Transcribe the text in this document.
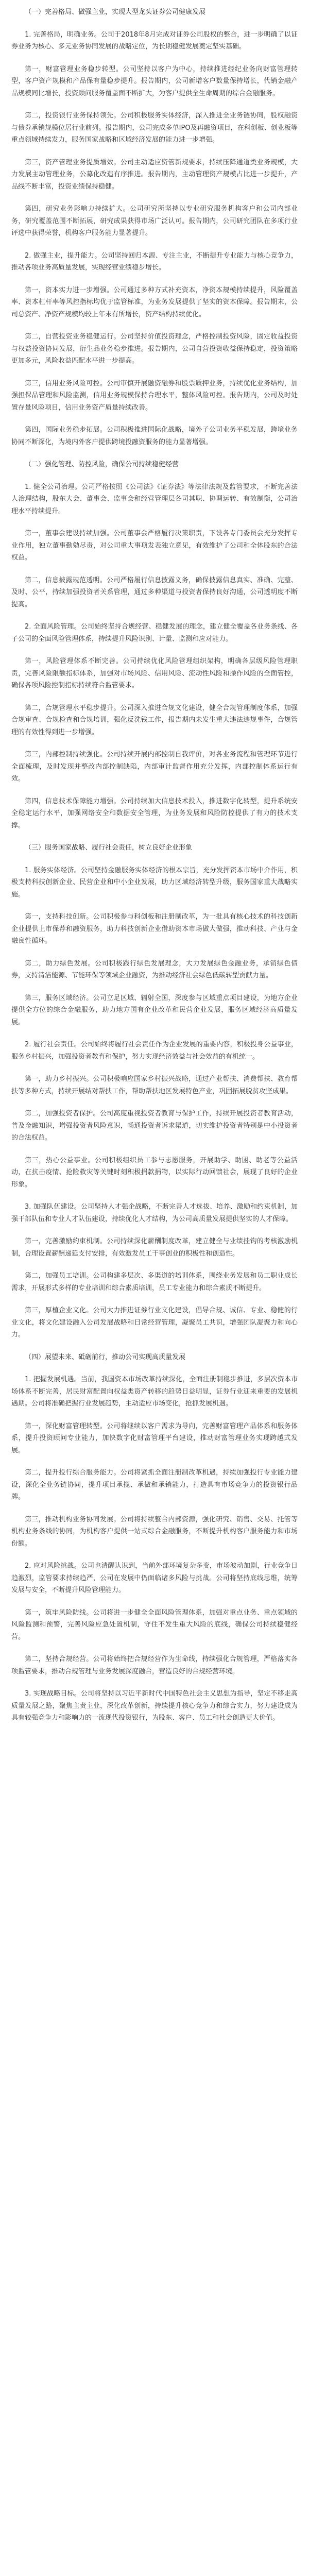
（一）完善格局、做强主业，实现大型龙头证券公司健康发展

1. 完善格局，明确业务。公司于2018年8月完成对证券公司股权的整合，进一步明确了以证券业务为核心、多元业务协同发展的战略定位，为长期稳健发展奠定坚实基础。

第一，财富管理业务稳步转型。公司坚持以客户为中心，持续推进经纪业务向财富管理转型，客户资产规模和产品保有量稳步提升。报告期内，公司新增客户数量保持增长，代销金融产品规模同比增长，投资顾问服务覆盖面不断扩大，为客户提供全生命周期的综合金融服务。

第二，投资银行业务保持领先。公司积极服务实体经济，深入推进全业务链协同，股权融资与债券承销规模位居行业前列。报告期内，公司完成多单IPO及再融资项目，在科创板、创业板等重点领域持续发力，服务国家战略和区域经济发展的能力进一步增强。

第三，资产管理业务提质增效。公司主动适应资管新规要求，持续压降通道类业务规模，大力发展主动管理业务，公募化改造有序推进。报告期内，主动管理资产规模占比进一步提升，产品线不断丰富，投资业绩保持稳健。

第四，研究业务影响力持续扩大。公司研究所坚持以专业研究服务机构客户和公司内部业务，研究覆盖范围不断拓展，研究成果获得市场广泛认可。报告期内，公司研究团队在多项行业评选中获得荣誉，机构客户服务能力显著提升。

2. 做强主业，提升能力。公司坚持回归本源、专注主业，不断提升专业能力与核心竞争力，推动各项业务高质量发展，实现经营业绩稳步增长。

第一，资本实力进一步增强。公司通过多种方式补充资本，净资本规模持续提升，风险覆盖率、资本杠杆率等风控指标均优于监管标准，为业务发展提供了坚实的资本保障。报告期末，公司总资产、净资产规模均较上年末有所增长，资产结构持续优化。

第二，自营投资业务稳健运行。公司坚持价值投资理念，严格控制投资风险，固定收益投资与权益投资协同发展，衍生品业务稳步推进。报告期内，公司自营投资收益保持稳定，投资策略更加多元，风险收益匹配水平进一步提高。

第三，信用业务风险可控。公司审慎开展融资融券和股票质押业务，持续优化业务结构，加强担保品管理和风险监测，信用业务规模保持合理水平，整体风险可控。报告期内，公司及时处置存量风险项目，信用业务资产质量持续改善。

第四，国际业务稳步拓展。公司积极推进国际化战略，境外子公司业务平稳发展，跨境业务协同不断深化，为境内外客户提供跨境投融资服务的能力显著增强。

（二）强化管理、防控风险，确保公司持续稳健经营

1. 健全公司治理。公司严格按照《公司法》《证券法》等法律法规及监管要求，不断完善法人治理结构，股东大会、董事会、监事会和经营管理层各司其职、协调运转、有效制衡，公司治理水平持续提升。

第一，董事会建设持续加强。公司董事会严格履行决策职责，下设各专门委员会充分发挥专业作用，独立董事勤勉尽责，对公司重大事项发表独立意见，有效维护了公司和全体股东的合法权益。

第二，信息披露规范透明。公司严格履行信息披露义务，确保披露信息真实、准确、完整、及时、公平，持续加强投资者关系管理，通过多种渠道与投资者保持良好沟通，公司透明度不断提高。

2. 全面风险管理。公司始终坚持合规经营、稳健发展的理念，建立健全覆盖各业务条线、各子公司的全面风险管理体系，持续提升风险识别、计量、监测和应对能力。

第一，风险管理体系不断完善。公司持续优化风险管理组织架构，明确各层级风险管理职责，完善风险限额指标体系，加强对市场风险、信用风险、流动性风险和操作风险的全面管控，确保各项风险控制指标持续符合监管要求。

第二，合规管理水平稳步提升。公司深入推进合规文化建设，健全合规管理制度体系，加强合规审查、合规检查和合规培训，强化反洗钱工作，报告期内未发生重大违法违规事件，合规管理的有效性得到进一步增强。

第三，内部控制持续强化。公司持续开展内部控制自我评价，对各业务流程和管理环节进行全面梳理，及时发现并整改内部控制缺陷，内部审计监督作用充分发挥，内部控制体系运行有效。

第四，信息技术保障能力增强。公司持续加大信息技术投入，推进数字化转型，提升系统安全稳定运行水平，加强网络安全和数据安全管理，为业务发展和风险防控提供了有力的技术支撑。

（三）服务国家战略、履行社会责任，树立良好企业形象

1. 服务实体经济。公司坚持金融服务实体经济的根本宗旨，充分发挥资本市场中介作用，积极支持科技创新企业、民营企业和中小企业发展，助力区域经济转型升级，服务国家重大战略实施。

第一，支持科技创新。公司积极参与科创板和注册制改革，为一批具有核心技术的科技创新企业提供上市保荐和融资服务，助力科技创新企业借助资本市场做大做强，推动科技、产业与金融良性循环。

第二，助力绿色发展。公司积极践行绿色发展理念，大力发展绿色金融业务，承销绿色债券，支持清洁能源、节能环保等领域企业融资，为推动经济社会绿色低碳转型贡献力量。

第三，服务区域经济。公司立足区域、辐射全国，深度参与区域重点项目建设，为地方企业提供全方位的综合金融服务，助力地方国有企业改革和民营企业发展，服务区域经济高质量发展。

2. 履行社会责任。公司始终将履行社会责任作为企业发展的重要内容，积极投身公益事业，服务乡村振兴，加强投资者教育和保护，努力实现经济效益与社会效益的有机统一。

第一，助力乡村振兴。公司积极响应国家乡村振兴战略，通过产业帮扶、消费帮扶、教育帮扶等多种方式，持续开展结对帮扶工作，帮助帮扶地区发展特色产业，巩固拓展脱贫攻坚成果。

第二，加强投资者保护。公司高度重视投资者教育与保护工作，持续开展投资者教育活动，普及金融知识，增强投资者风险意识，畅通投资者诉求渠道，切实维护投资者特别是中小投资者的合法权益。

第三，热心公益事业。公司积极组织员工参与志愿服务，开展助学、助困、助老等公益活动，在抗击疫情、抢险救灾等关键时刻积极捐款捐物，以实际行动回馈社会，展现了良好的企业形象。

3. 加强队伍建设。公司坚持人才强企战略，不断完善人才选拔、培养、激励和约束机制，加强干部队伍和专业人才队伍建设，持续优化人才结构，为公司高质量发展提供坚实的人才保障。

第一，完善激励约束机制。公司持续深化薪酬制度改革，建立健全与业绩挂钩的考核激励机制，合理设置薪酬递延支付安排，有效激发员工干事创业的积极性和创造性。

第二，加强员工培训。公司构建多层次、多渠道的培训体系，围绕业务发展和员工职业成长需求，开展形式多样的专业培训和综合素质培训，员工专业能力和综合素质不断提升。

第三，厚植企业文化。公司大力推进证券行业文化建设，倡导合规、诚信、专业、稳健的行业文化，将文化建设融入公司发展战略和日常经营管理，凝聚员工共识，增强团队凝聚力和向心力。

（四）展望未来、砥砺前行，推动公司实现高质量发展

1. 把握发展机遇。当前，我国资本市场改革持续深化，全面注册制稳步推进，多层次资本市场体系不断完善，居民财富配置向权益类资产转移的趋势日益明显，证券行业迎来重要的发展机遇期。公司将准确把握行业发展趋势，主动适应市场变化，抢抓发展机遇。

第一，深化财富管理转型。公司将继续以客户需求为导向，完善财富管理产品体系和服务体系，提升投资顾问专业能力，加快数字化财富管理平台建设，推动财富管理业务实现跨越式发展。

第二，提升投行综合服务能力。公司将紧抓全面注册制改革机遇，持续加强投行专业能力建设，深化全业务链协同，提升项目承揽、承做和承销能力，打造具有市场竞争力的投资银行品牌。

第三，推动机构业务协同发展。公司将持续整合内部资源，强化研究、销售、交易、托管等机构业务条线的协同，为机构客户提供一站式综合金融服务，不断提升机构客户服务能力和市场份额。

2. 应对风险挑战。公司也清醒认识到，当前外部环境复杂多变，市场波动加剧，行业竞争日趋激烈，监管要求持续趋严，公司在发展中仍面临诸多风险与挑战。公司将坚持底线思维，统筹发展与安全，不断提升风险管理能力。

第一，筑牢风险防线。公司将进一步健全全面风险管理体系，加强对重点业务、重点领域的风险监测和预警，完善风险应急处置机制，守住不发生重大风险的底线，确保公司持续稳健经营。

第二，坚持合规经营。公司将始终把合规经营作为生命线，持续强化合规管理，严格落实各项监管要求，推动合规管理与业务发展深度融合，营造良好的合规经营环境。

3. 实现战略目标。公司将坚持以习近平新时代中国特色社会主义思想为指导，坚定不移走高质量发展之路，聚焦主责主业，深化改革创新，持续提升核心竞争力和综合实力，努力建设成为具有较强竞争力和影响力的一流现代投资银行，为股东、客户、员工和社会创造更大价值。
